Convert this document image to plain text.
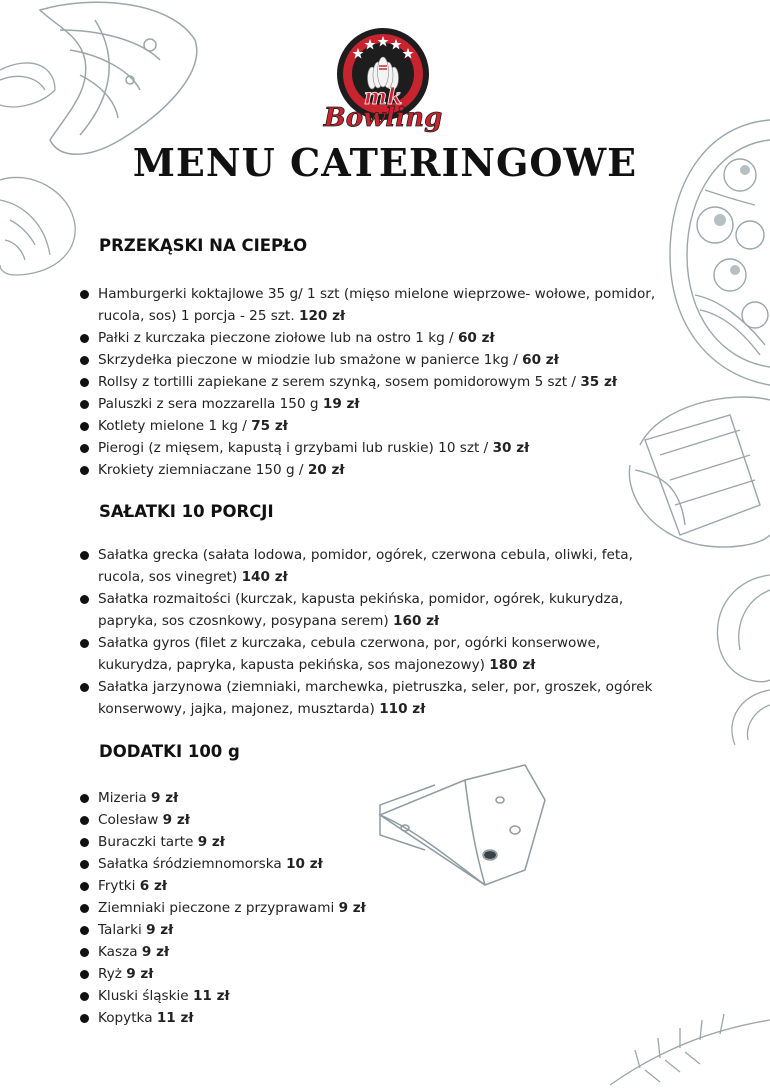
mk
Bowling
MENU CATERINGOWE
PRZEKĄSKI NA CIEPŁO
Hamburgerki koktajlowe 35 g/ 1 szt (mięso mielone wieprzowe- wołowe, pomidor, rucola, sos) 1 porcja - 25 szt. 120 zł
Pałki z kurczaka pieczone ziołowe lub na ostro 1 kg / 60 zł
Skrzydełka pieczone w miodzie lub smażone w panierce 1kg / 60 zł
Rollsy z tortilli zapiekane z serem szynką, sosem pomidorowym 5 szt / 35 zł
Paluszki z sera mozzarella 150 g 19 zł
Kotlety mielone 1 kg / 75 zł
Pierogi (z mięsem, kapustą i grzybami lub ruskie) 10 szt / 30 zł
Krokiety ziemniaczane 150 g / 20 zł
SAŁATKI 10 PORCJI
Sałatka grecka (sałata lodowa, pomidor, ogórek, czerwona cebula, oliwki, feta, rucola, sos vinegret) 140 zł
Sałatka rozmaitości (kurczak, kapusta pekińska, pomidor, ogórek, kukurydza, papryka, sos czosnkowy, posypana serem) 160 zł
Sałatka gyros (filet z kurczaka, cebula czerwona, por, ogórki konserwowe, kukurydza, papryka, kapusta pekińska, sos majonezowy) 180 zł
Sałatka jarzynowa (ziemniaki, marchewka, pietruszka, seler, por, groszek, ogórek konserwowy, jajka, majonez, musztarda) 110 zł
DODATKI 100 g
Mizeria 9 zł
Colesław 9 zł
Buraczki tarte 9 zł
Sałatka śródziemnomorska 10 zł
Frytki 6 zł
Ziemniaki pieczone z przyprawami 9 zł
Talarki 9 zł
Kasza 9 zł
Ryż 9 zł
Kluski śląskie 11 zł
Kopytka 11 zł
